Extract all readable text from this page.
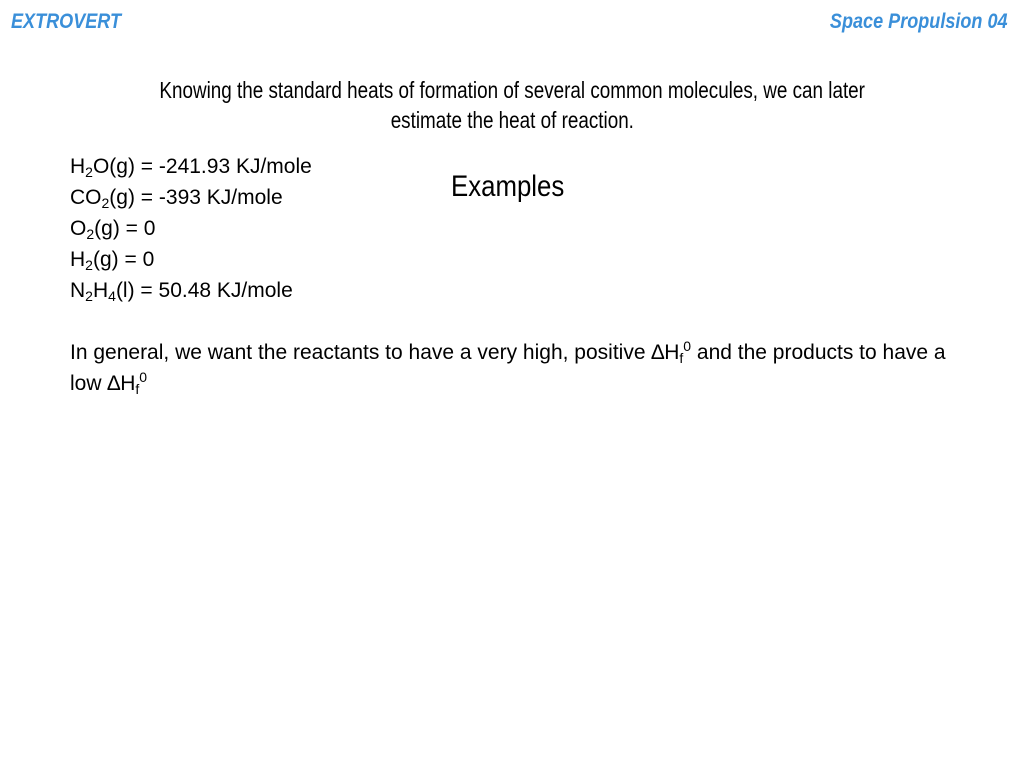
EXTROVERT	Space Propulsion 04
Knowing the standard heats of formation of several common molecules, we can later
estimate the heat of reaction.
$H_2O(g) = -241.93$ KJ/mole
$CO_2(g) = -393$ KJ/mole
$O_2(g) = 0$
$H_2(g) = 0$
$N_2H_4(l) = 50.48$ KJ/mole
Examples
In general, we want the reactants to have a very high, positive $\Delta H_f^0$ and the products to have a low $\Delta H_f^0$
